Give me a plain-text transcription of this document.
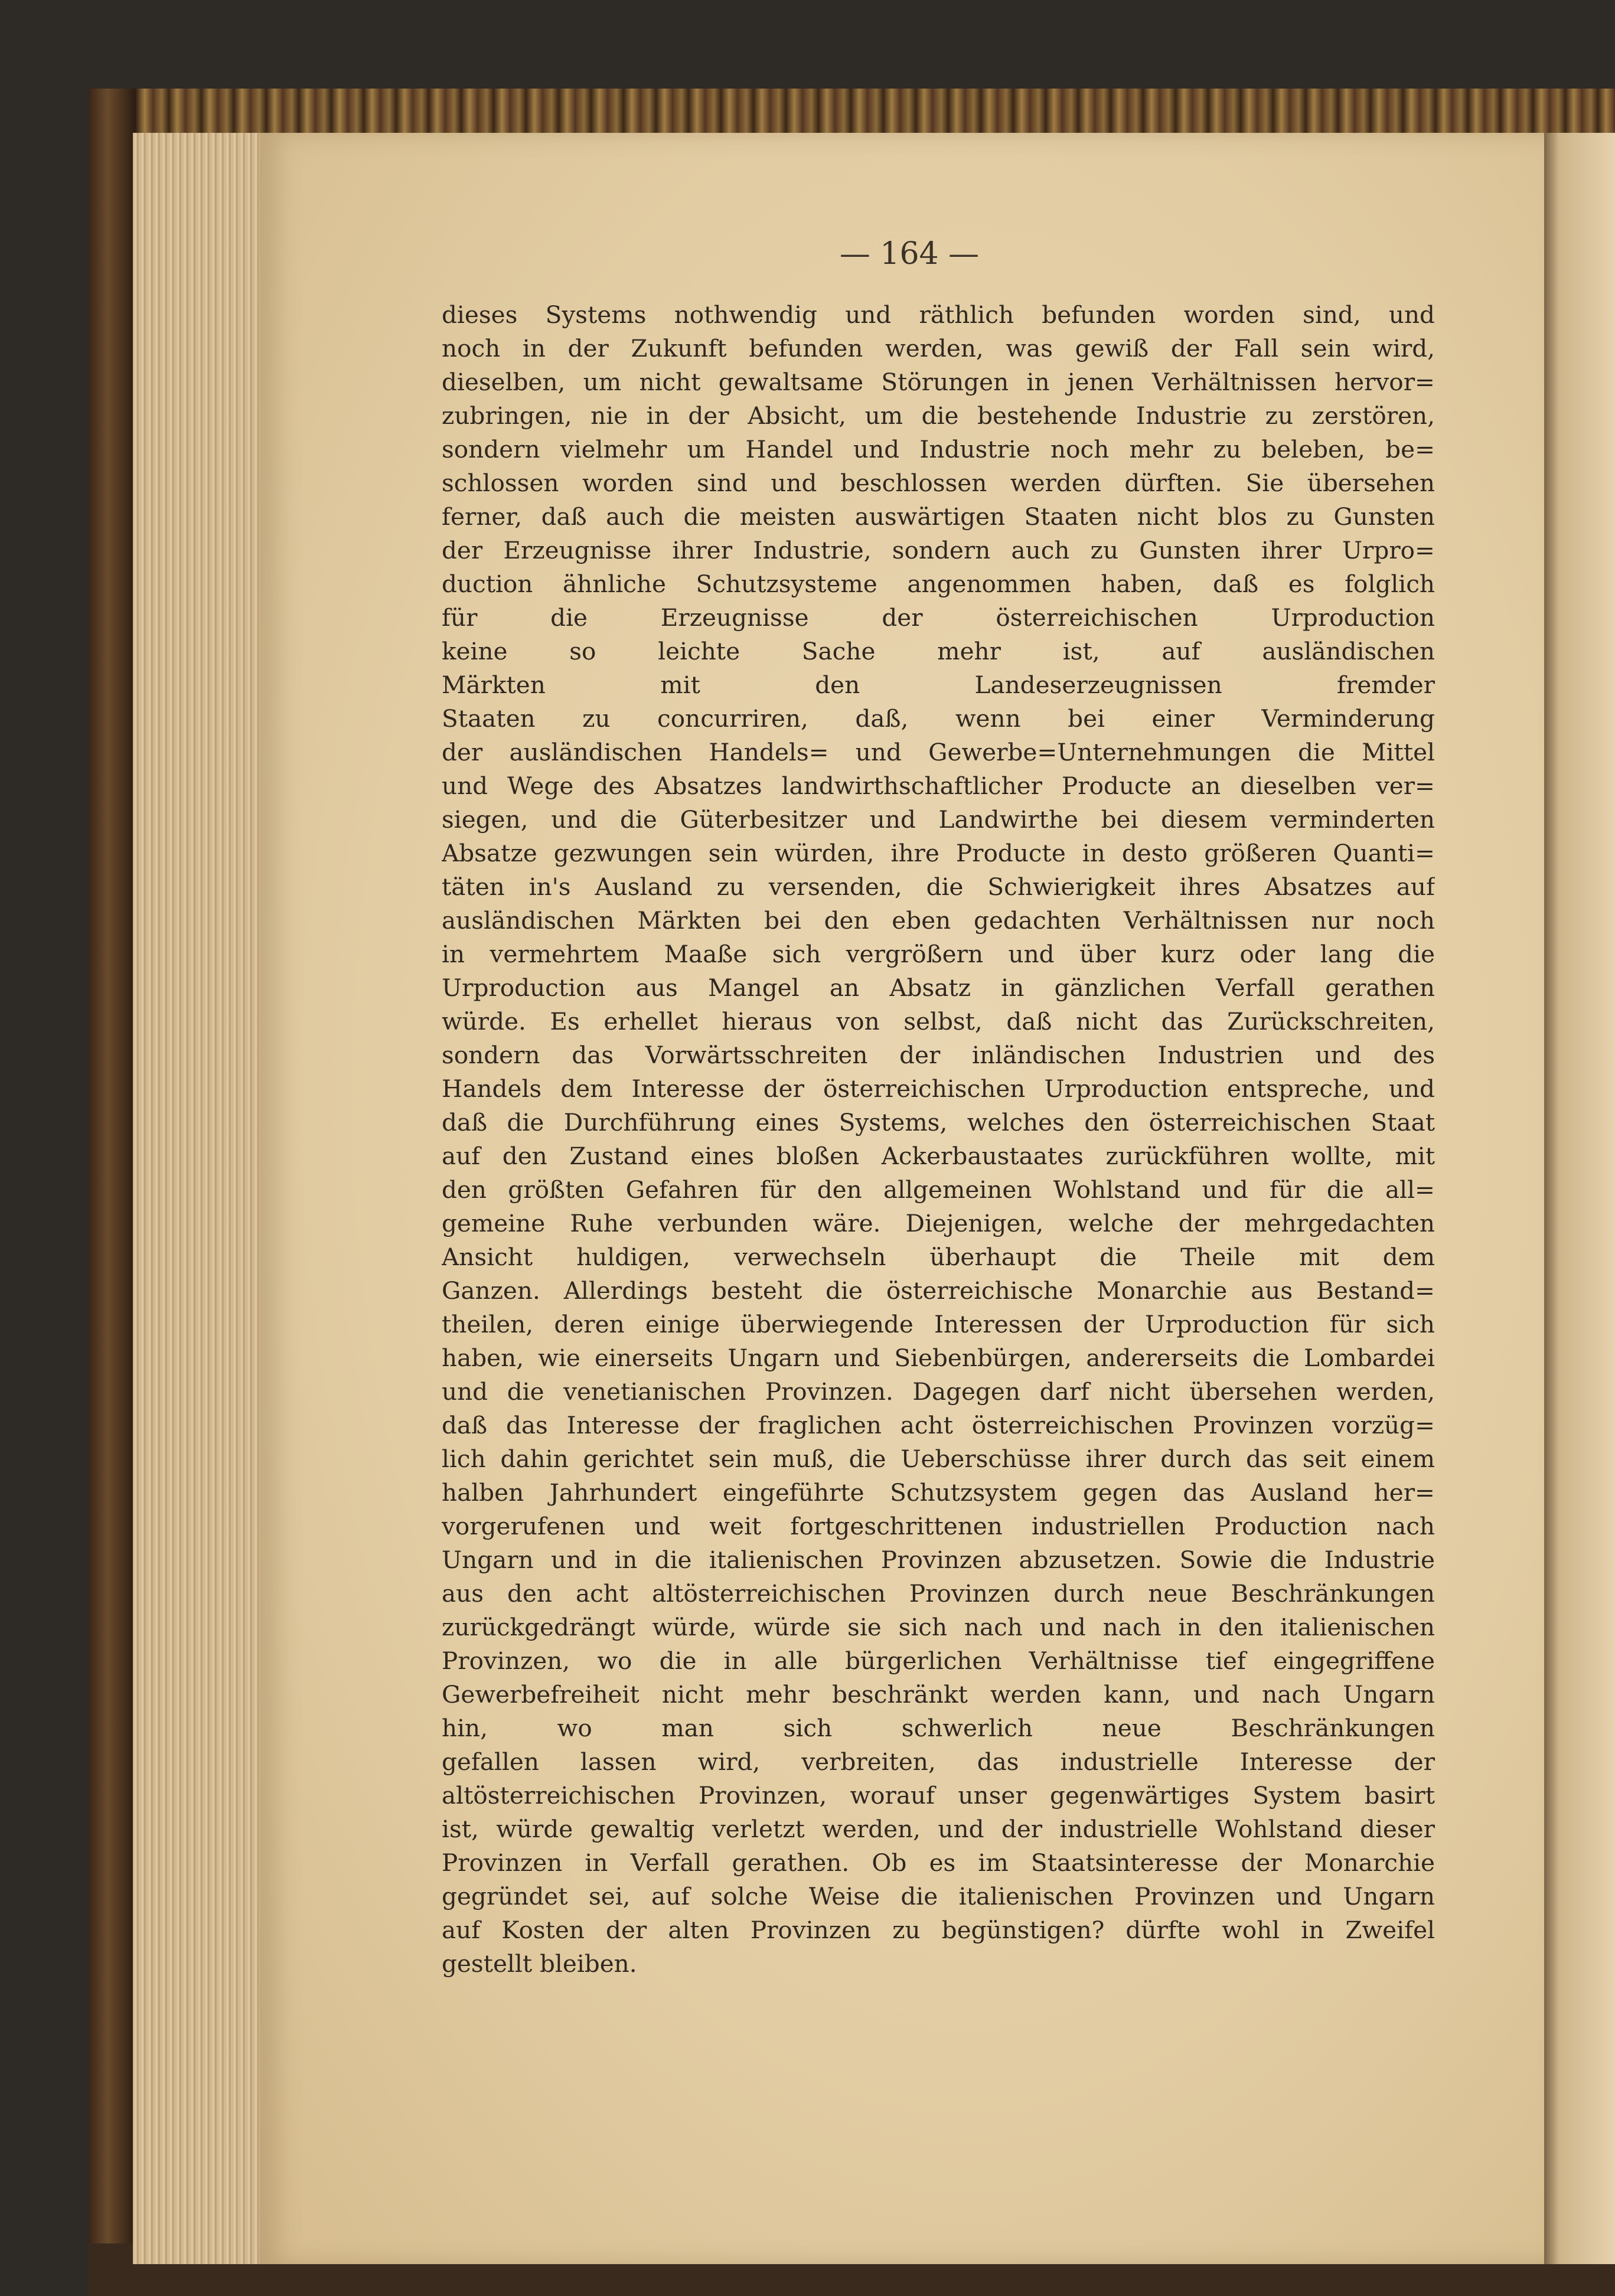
— 164 —
dieses Systems nothwendig und räthlich befunden worden sind, und
noch in der Zukunft befunden werden, was gewiß der Fall sein wird,
dieselben, um nicht gewaltsame Störungen in jenen Verhältnissen hervor=
zubringen, nie in der Absicht, um die bestehende Industrie zu zerstören,
sondern vielmehr um Handel und Industrie noch mehr zu beleben, be=
schlossen worden sind und beschlossen werden dürften. Sie übersehen
ferner, daß auch die meisten auswärtigen Staaten nicht blos zu Gunsten
der Erzeugnisse ihrer Industrie, sondern auch zu Gunsten ihrer Urpro=
duction ähnliche Schutzsysteme angenommen haben, daß es folglich
für die Erzeugnisse der österreichischen Urproduction
keine so leichte Sache mehr ist, auf ausländischen
Märkten mit den Landeserzeugnissen fremder
Staaten zu concurriren, daß, wenn bei einer Verminderung
der ausländischen Handels= und Gewerbe=Unternehmungen die Mittel
und Wege des Absatzes landwirthschaftlicher Producte an dieselben ver=
siegen, und die Güterbesitzer und Landwirthe bei diesem verminderten
Absatze gezwungen sein würden, ihre Producte in desto größeren Quanti=
täten in's Ausland zu versenden, die Schwierigkeit ihres Absatzes auf
ausländischen Märkten bei den eben gedachten Verhältnissen nur noch
in vermehrtem Maaße sich vergrößern und über kurz oder lang die
Urproduction aus Mangel an Absatz in gänzlichen Verfall gerathen
würde. Es erhellet hieraus von selbst, daß nicht das Zurückschreiten,
sondern das Vorwärtsschreiten der inländischen Industrien und des
Handels dem Interesse der österreichischen Urproduction entspreche, und
daß die Durchführung eines Systems, welches den österreichischen Staat
auf den Zustand eines bloßen Ackerbaustaates zurückführen wollte, mit
den größten Gefahren für den allgemeinen Wohlstand und für die all=
gemeine Ruhe verbunden wäre. Diejenigen, welche der mehrgedachten
Ansicht huldigen, verwechseln überhaupt die Theile mit dem
Ganzen. Allerdings besteht die österreichische Monarchie aus Bestand=
theilen, deren einige überwiegende Interessen der Urproduction für sich
haben, wie einerseits Ungarn und Siebenbürgen, andererseits die Lombardei
und die venetianischen Provinzen. Dagegen darf nicht übersehen werden,
daß das Interesse der fraglichen acht österreichischen Provinzen vorzüg=
lich dahin gerichtet sein muß, die Ueberschüsse ihrer durch das seit einem
halben Jahrhundert eingeführte Schutzsystem gegen das Ausland her=
vorgerufenen und weit fortgeschrittenen industriellen Production nach
Ungarn und in die italienischen Provinzen abzusetzen. Sowie die Industrie
aus den acht altösterreichischen Provinzen durch neue Beschränkungen
zurückgedrängt würde, würde sie sich nach und nach in den italienischen
Provinzen, wo die in alle bürgerlichen Verhältnisse tief eingegriffene
Gewerbefreiheit nicht mehr beschränkt werden kann, und nach Ungarn
hin, wo man sich schwerlich neue Beschränkungen
gefallen lassen wird, verbreiten, das industrielle Interesse der
altösterreichischen Provinzen, worauf unser gegenwärtiges System basirt
ist, würde gewaltig verletzt werden, und der industrielle Wohlstand dieser
Provinzen in Verfall gerathen. Ob es im Staatsinteresse der Monarchie
gegründet sei, auf solche Weise die italienischen Provinzen und Ungarn
auf Kosten der alten Provinzen zu begünstigen? dürfte wohl in Zweifel
gestellt bleiben.
